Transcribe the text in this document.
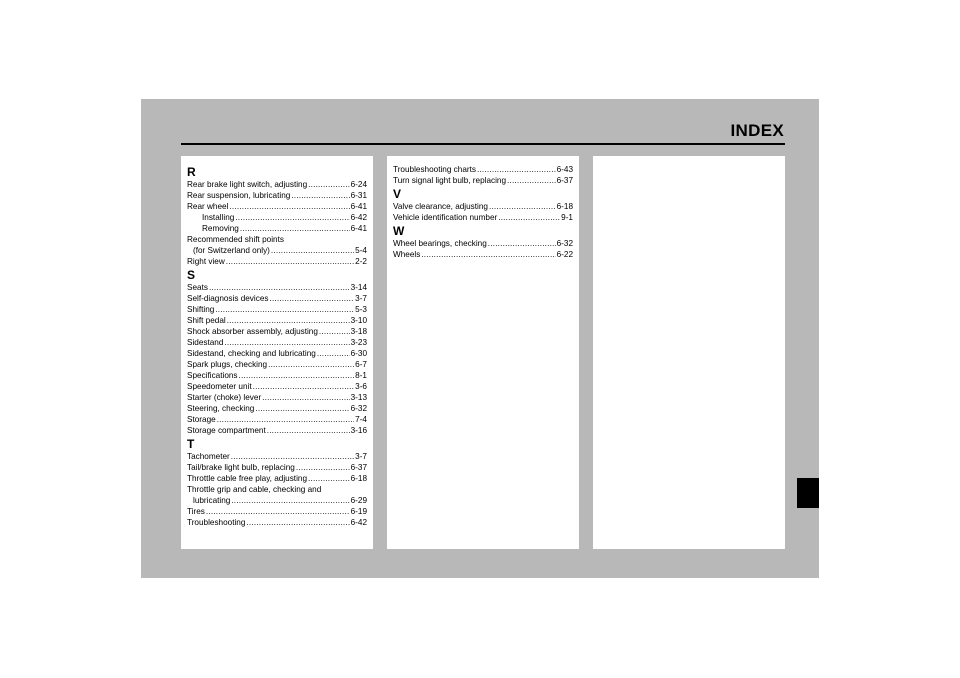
INDEX
R
Rear brake light switch, adjusting .....	6-24
Rear suspension, lubricating .....	6-31
Rear wheel .....	6-41
Installing .....	6-42
Removing .....	6-41
Recommended shift points
(for Switzerland only) .....	5-4
Right view .....	2-2
S
Seats .....	3-14
Self-diagnosis devices .....	3-7
Shifting .....	5-3
Shift pedal .....	3-10
Shock absorber assembly, adjusting .....	3-18
Sidestand .....	3-23
Sidestand, checking and lubricating .....	6-30
Spark plugs, checking .....	6-7
Specifications .....	8-1
Speedometer unit .....	3-6
Starter (choke) lever .....	3-13
Steering, checking .....	6-32
Storage .....	7-4
Storage compartment .....	3-16
T
Tachometer .....	3-7
Tail/brake light bulb, replacing .....	6-37
Throttle cable free play, adjusting .....	6-18
Throttle grip and cable, checking and
lubricating .....	6-29
Tires .....	6-19
Troubleshooting .....	6-42
Troubleshooting charts .....	6-43
Turn signal light bulb, replacing .....	6-37
V
Valve clearance, adjusting .....	6-18
Vehicle identification number .....	9-1
W
Wheel bearings, checking .....	6-32
Wheels .....	6-22
